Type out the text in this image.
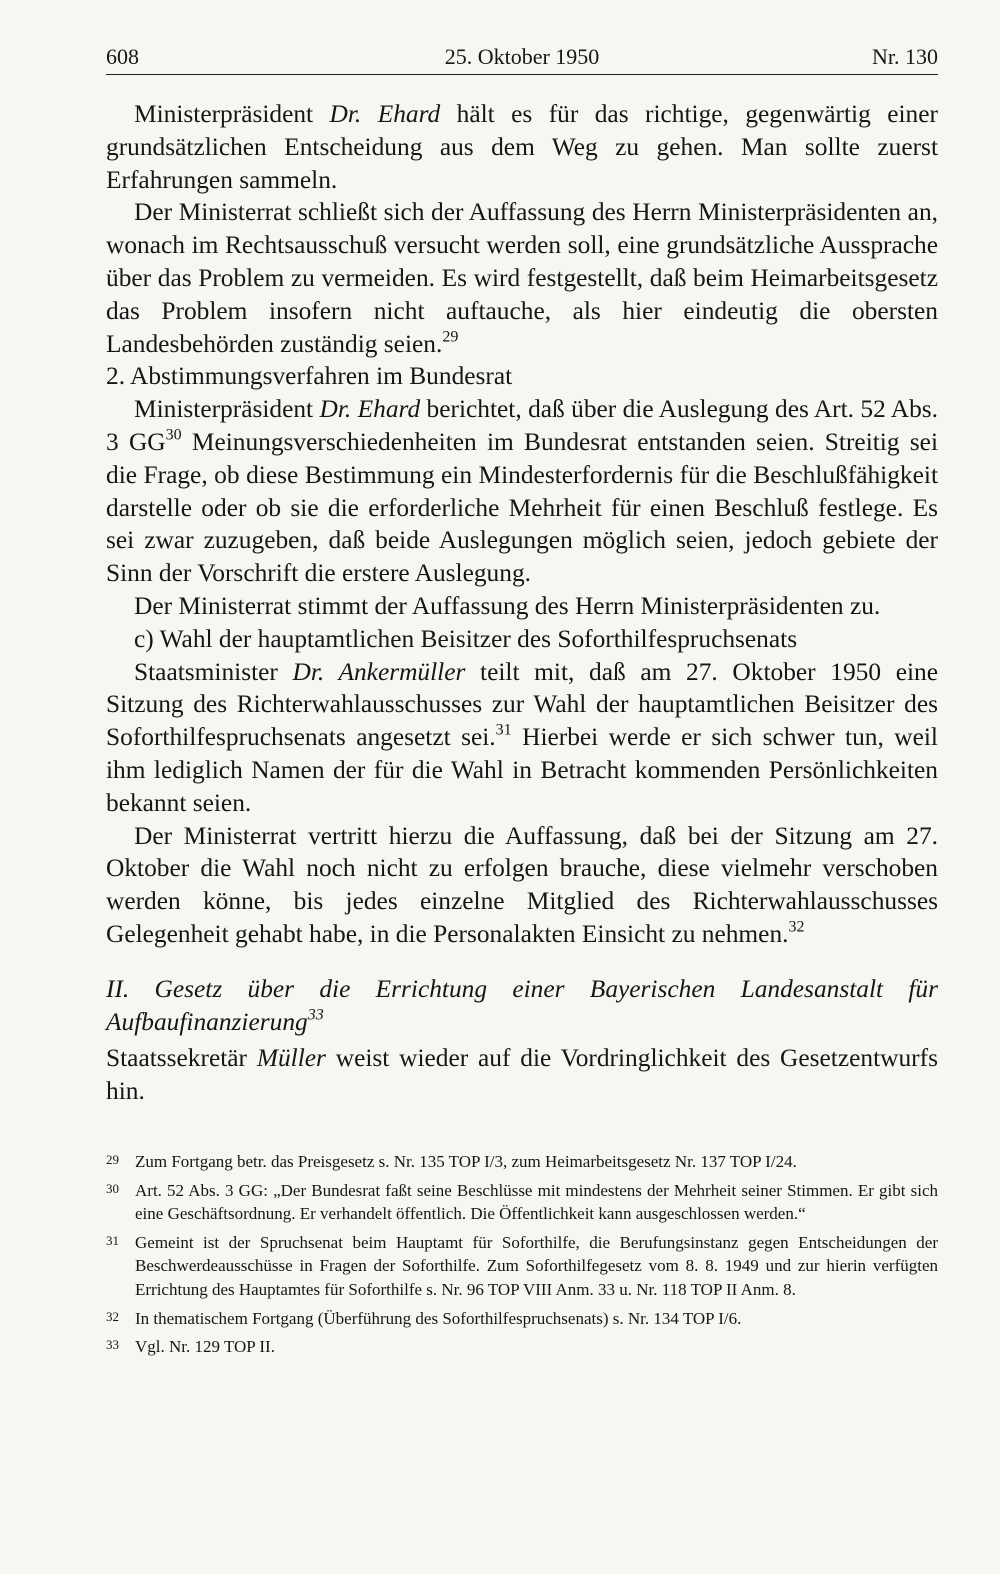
608	25. Oktober 1950	Nr. 130

Ministerpräsident Dr. Ehard hält es für das richtige, gegenwärtig einer grundsätzlichen Entscheidung aus dem Weg zu gehen. Man sollte zuerst Erfahrungen sammeln.

Der Ministerrat schließt sich der Auffassung des Herrn Ministerpräsidenten an, wonach im Rechtsausschuß versucht werden soll, eine grundsätzliche Aussprache über das Problem zu vermeiden. Es wird festgestellt, daß beim Heimarbeitsgesetz das Problem insofern nicht auftauche, als hier eindeutig die obersten Landesbehörden zuständig seien.$^{29}$

2. Abstimmungsverfahren im Bundesrat

Ministerpräsident Dr. Ehard berichtet, daß über die Auslegung des Art. 52 Abs. 3 GG$^{30}$ Meinungsverschiedenheiten im Bundesrat entstanden seien. Streitig sei die Frage, ob diese Bestimmung ein Mindesterfordernis für die Beschlußfähigkeit darstelle oder ob sie die erforderliche Mehrheit für einen Beschluß festlege. Es sei zwar zuzugeben, daß beide Auslegungen möglich seien, jedoch gebiete der Sinn der Vorschrift die erstere Auslegung.

Der Ministerrat stimmt der Auffassung des Herrn Ministerpräsidenten zu.

c) Wahl der hauptamtlichen Beisitzer des Soforthilfespruchsenats

Staatsminister Dr. Ankermüller teilt mit, daß am 27. Oktober 1950 eine Sitzung des Richterwahlausschusses zur Wahl der hauptamtlichen Beisitzer des Soforthilfespruchsenats angesetzt sei.$^{31}$ Hierbei werde er sich schwer tun, weil ihm lediglich Namen der für die Wahl in Betracht kommenden Persönlichkeiten bekannt seien.

Der Ministerrat vertritt hierzu die Auffassung, daß bei der Sitzung am 27. Oktober die Wahl noch nicht zu erfolgen brauche, diese vielmehr verschoben werden könne, bis jedes einzelne Mitglied des Richterwahlausschusses Gelegenheit gehabt habe, in die Personalakten Einsicht zu nehmen.$^{32}$

II. Gesetz über die Errichtung einer Bayerischen Landesanstalt für Aufbaufinanzierung$^{33}$

Staatssekretär Müller weist wieder auf die Vordringlichkeit des Gesetzentwurfs hin.

29 Zum Fortgang betr. das Preisgesetz s. Nr. 135 TOP I/3, zum Heimarbeitsgesetz Nr. 137 TOP I/24.
30 Art. 52 Abs. 3 GG: „Der Bundesrat faßt seine Beschlüsse mit mindestens der Mehrheit seiner Stimmen. Er gibt sich eine Geschäftsordnung. Er verhandelt öffentlich. Die Öffentlichkeit kann ausgeschlossen werden.“
31 Gemeint ist der Spruchsenat beim Hauptamt für Soforthilfe, die Berufungsinstanz gegen Entscheidungen der Beschwerdeausschüsse in Fragen der Soforthilfe. Zum Soforthilfegesetz vom 8. 8. 1949 und zur hierin verfügten Errichtung des Hauptamtes für Soforthilfe s. Nr. 96 TOP VIII Anm. 33 u. Nr. 118 TOP II Anm. 8.
32 In thematischem Fortgang (Überführung des Soforthilfespruchsenats) s. Nr. 134 TOP I/6.
33 Vgl. Nr. 129 TOP II.
